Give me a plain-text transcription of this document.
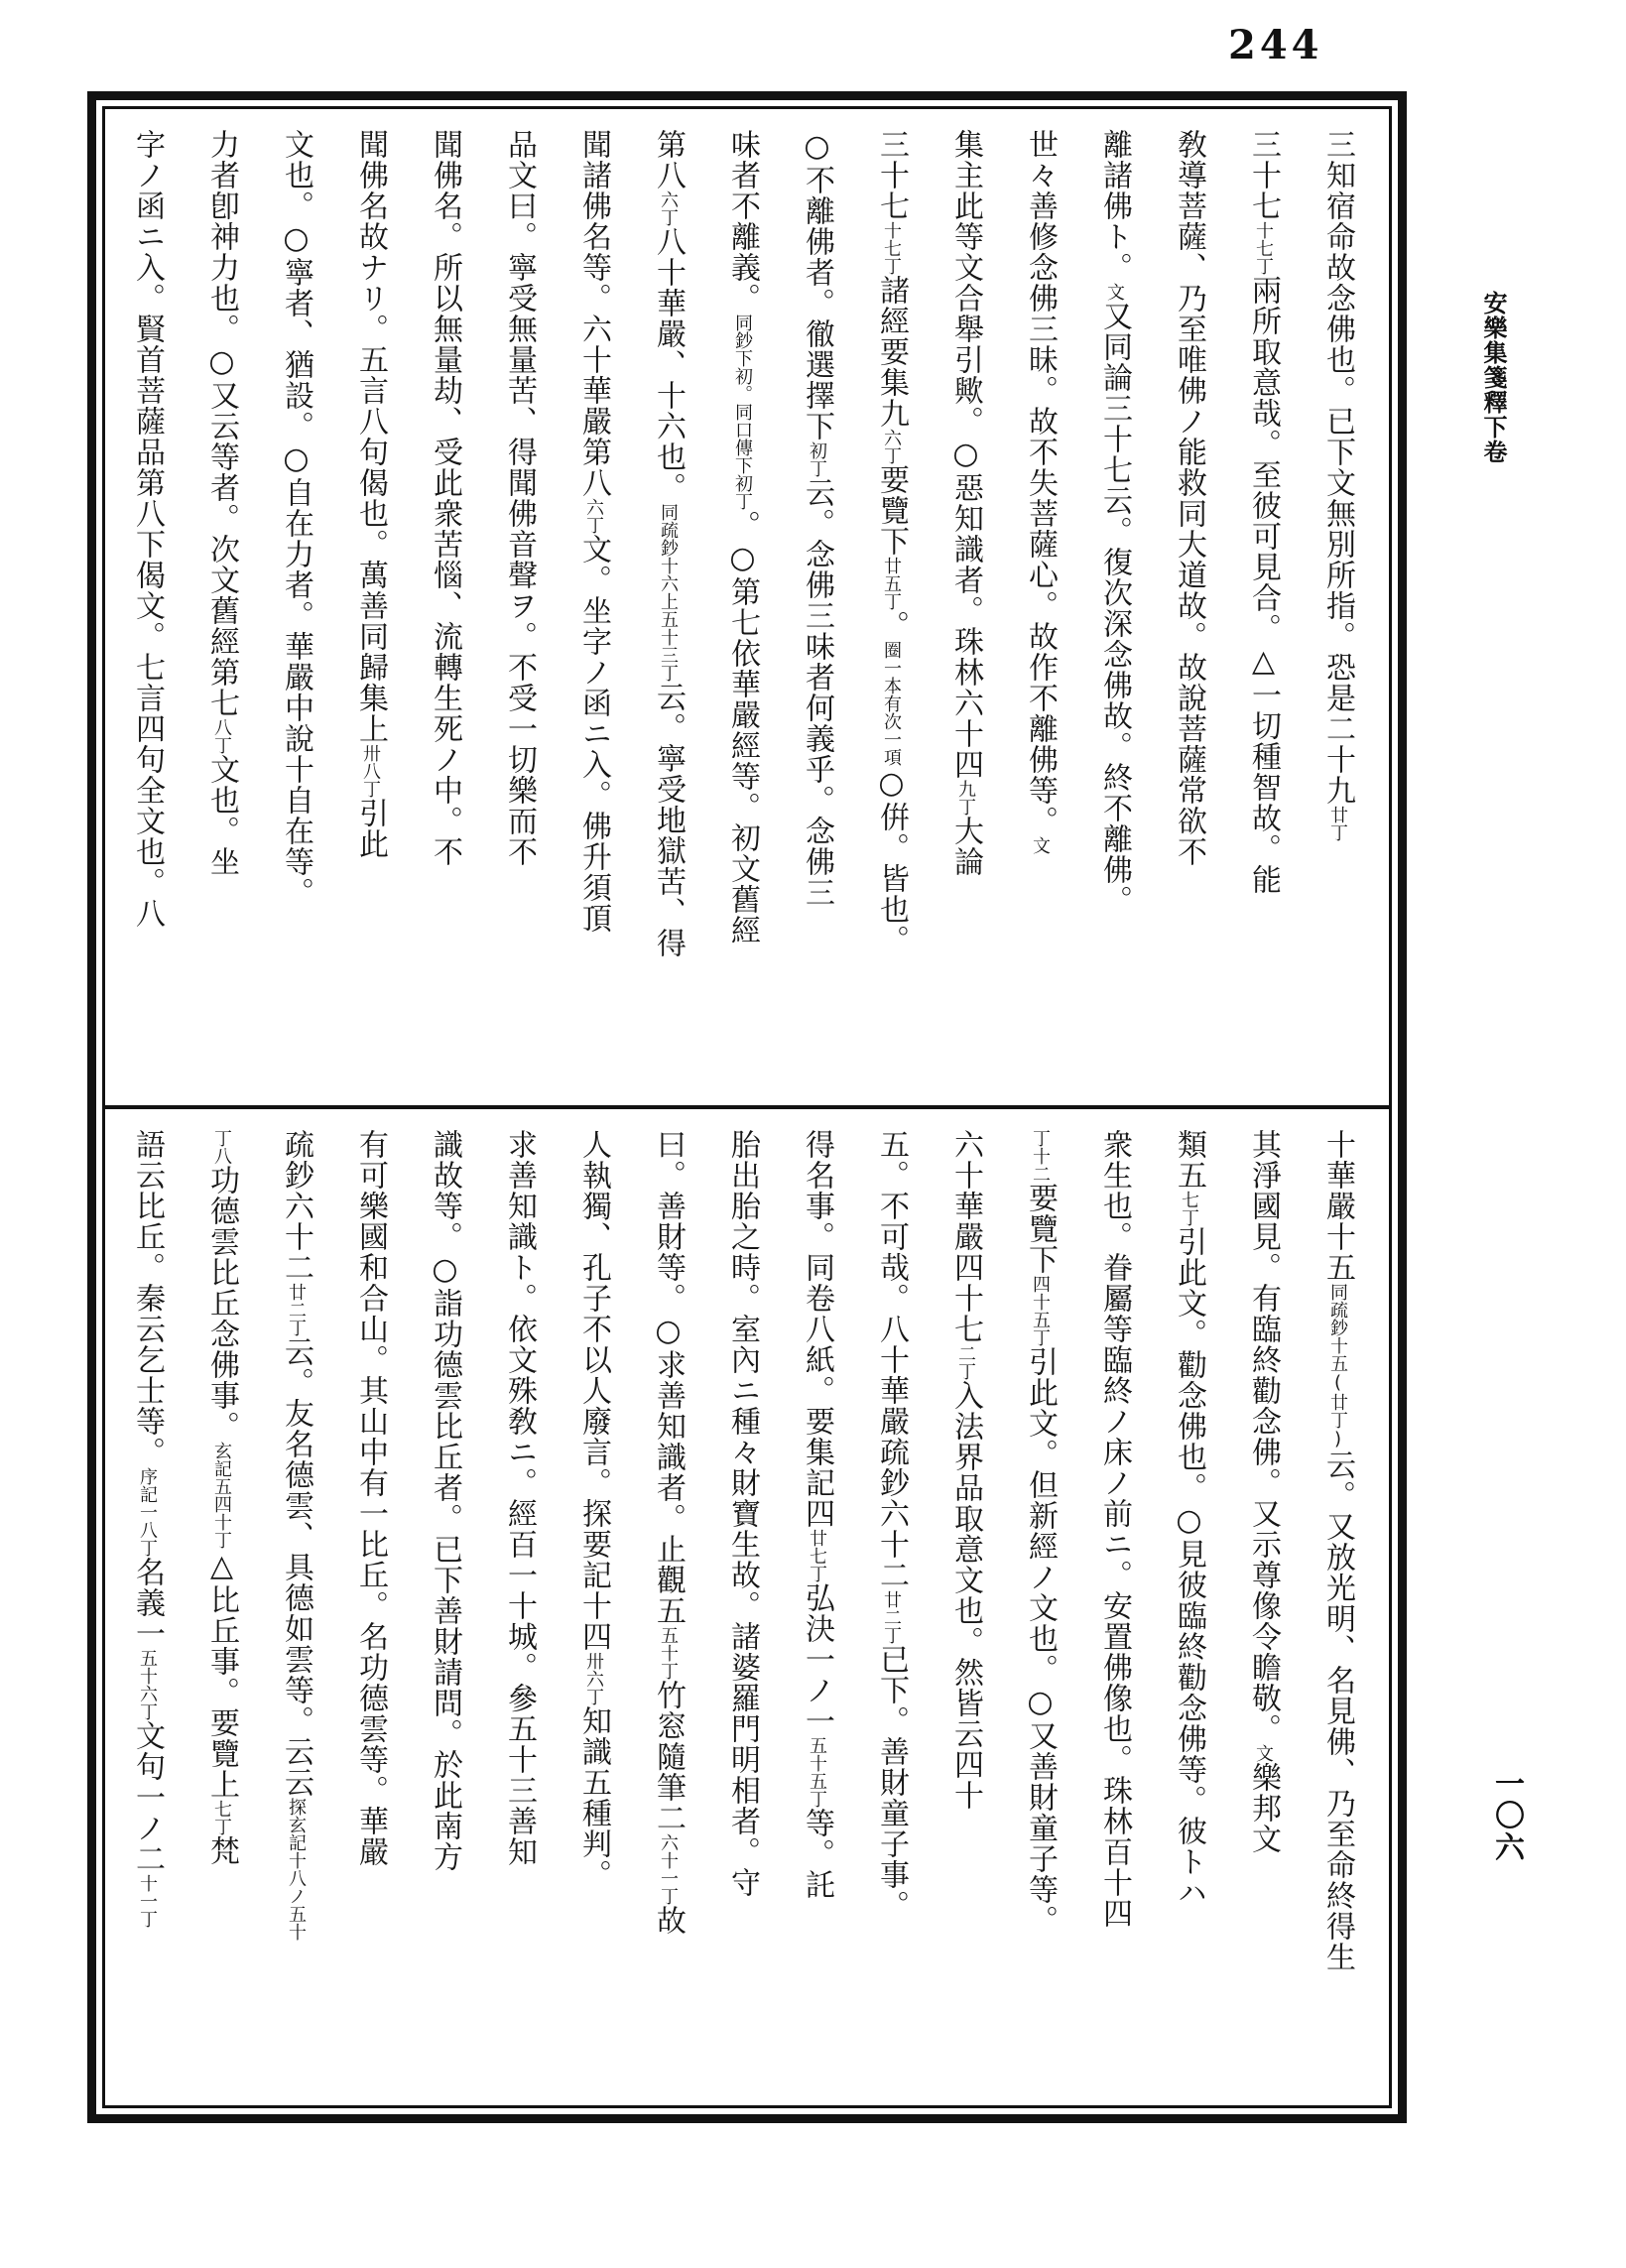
244
三知宿命故念佛也。已下文無別所指。恐是二十九廿丁
三十七十七丁兩所取意哉。至彼可見合。△一切種智故。能
敎導菩薩、乃至唯佛ノ能救同大道故。故說菩薩常欲不
離諸佛ト。文又同論三十七云。復次深念佛故。終不離佛。
世々善修念佛三昧。故不失菩薩心。故作不離佛等。文
集主此等文合舉引歟。○惡知識者。珠林六十四九丁大論
三十七十七丁諸經要集九六丁要覽下廿五丁。圈一本有次一項○倂。皆也。
○不離佛者。徹選擇下初丁云。念佛三味者何義乎。念佛三
味者不離義。同鈔下初。同口傳下初丁。○第七依華嚴經等。初文舊經
第八六丁八十華嚴、十六也。同疏鈔十六上五十三丁云。寧受地獄苦、得
聞諸佛名等。六十華嚴第八六丁文。坐字ノ函ニ入。佛升須頂
品文曰。寧受無量苦、得聞佛音聲ヲ。不受一切樂而不
聞佛名。所以無量劫、受此衆苦惱、流轉生死ノ中。不
聞佛名故ナリ。五言八句偈也。萬善同歸集上卅八丁引此
文也。○寧者、猶設。○自在力者。華嚴中說十自在等。
力者卽神力也。○又云等者。次文舊經第七八丁文也。坐
字ノ函ニ入。賢首菩薩品第八下偈文。七言四句全文也。八
十華嚴十五同疏鈔十五(廿丁)云。又放光明、名見佛、乃至命終得生
其淨國見。有臨終勸念佛。又示尊像令瞻敬。文樂邦文
類五七丁引此文。勸念佛也。○見彼臨終勸念佛等。彼トハ
衆生也。眷屬等臨終ノ床ノ前ニ。安置佛像也。珠林百十四
丁十二要覽下四十五丁引此文。但新經ノ文也。○又善財童子等。
六十華嚴四十七二丁入法界品取意文也。然皆云四十
五。不可哉。八十華嚴疏鈔六十二廿二丁已下。善財童子事。
得名事。同卷八紙。要集記四廿七丁弘決一ノ一五十五丁等。託
胎出胎之時。室內ニ種々財寶生故。諸婆羅門明相者。守
曰。善財等。○求善知識者。止觀五五十丁竹窓隨筆二六十一丁故
人執獨、孔子不以人廢言。探要記十四卅六丁知識五種判。
求善知識ト。依文殊敎ニ。經百一十城。參五十三善知
識故等。○詣功德雲比丘者。已下善財請問。於此南方
有可樂國和合山。其山中有一比丘。名功德雲等。華嚴
疏鈔六十二廿二丁云。友名德雲、具德如雲等。云云探玄記十八ノ五十
丁八功德雲比丘念佛事。玄記五四十丁△比丘事。要覽上七丁梵
語云比丘。秦云乞士等。序記一八丁名義一五十六丁文句一ノ二十一丁
安樂集箋釋下卷
一〇六
